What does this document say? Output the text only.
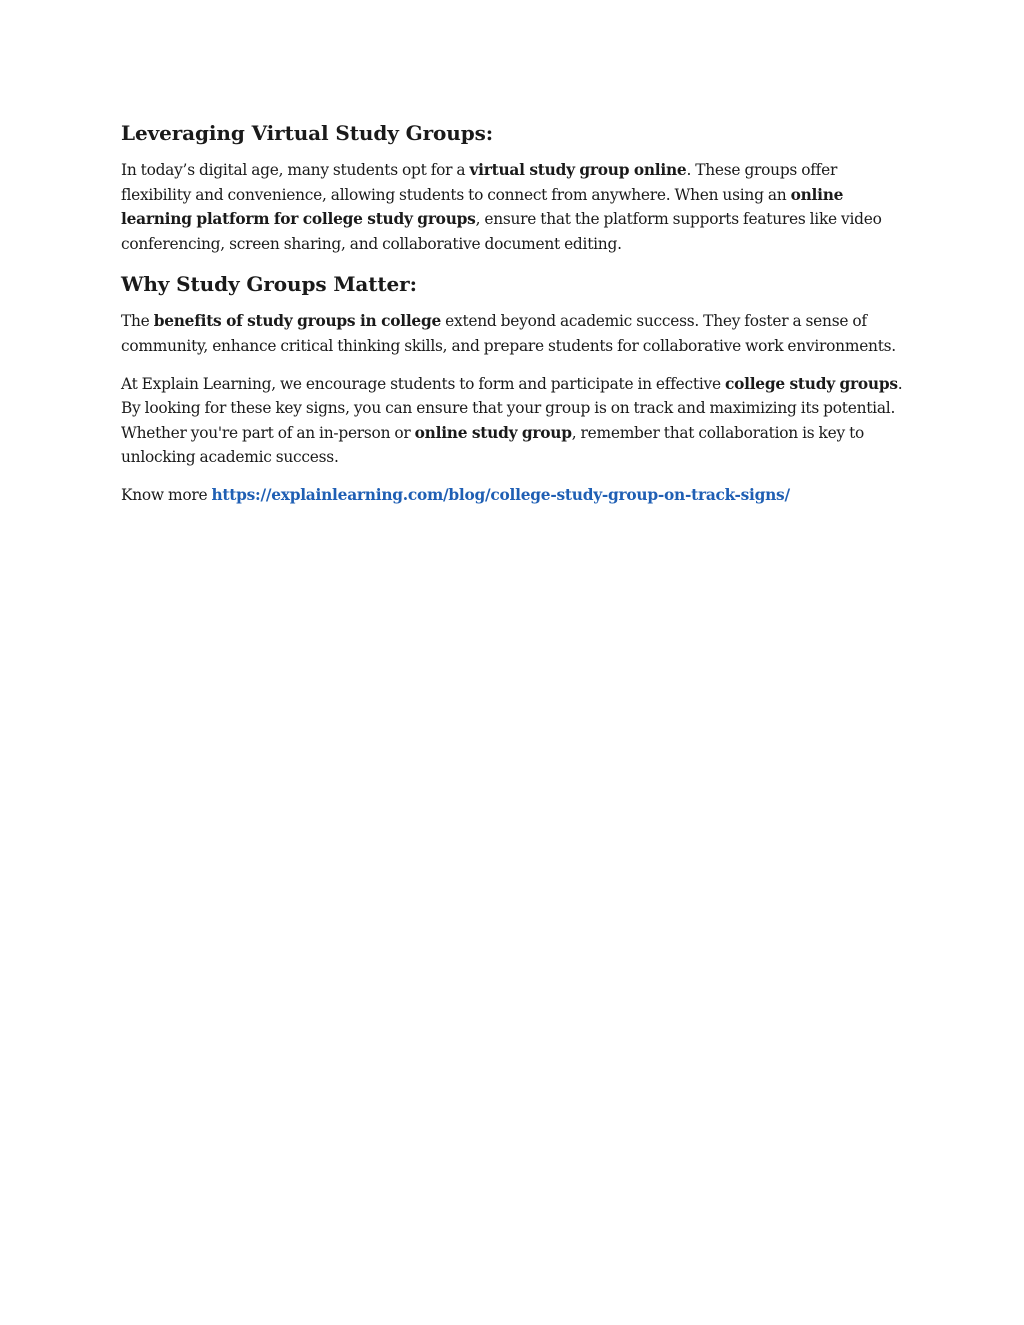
Leveraging Virtual Study Groups:

In today’s digital age, many students opt for a virtual study group online. These groups offer flexibility and convenience, allowing students to connect from anywhere. When using an online learning platform for college study groups, ensure that the platform supports features like video conferencing, screen sharing, and collaborative document editing.

Why Study Groups Matter:

The benefits of study groups in college extend beyond academic success. They foster a sense of community, enhance critical thinking skills, and prepare students for collaborative work environments.

At Explain Learning, we encourage students to form and participate in effective college study groups. By looking for these key signs, you can ensure that your group is on track and maximizing its potential. Whether you're part of an in-person or online study group, remember that collaboration is key to unlocking academic success.

Know more https://explainlearning.com/blog/college-study-group-on-track-signs/
